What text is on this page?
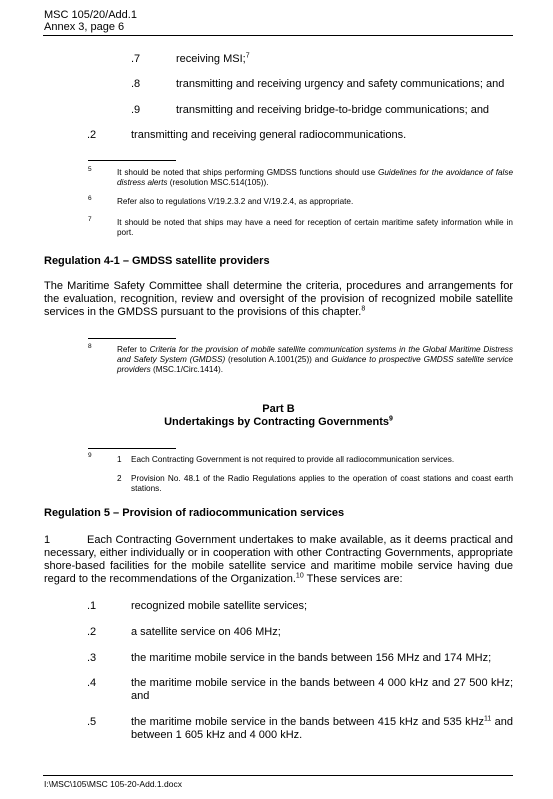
MSC 105/20/Add.1
Annex 3, page 6
.7	receiving MSI;$^7$
.8	transmitting and receiving urgency and safety communications; and
.9	transmitting and receiving bridge-to-bridge communications; and
.2	transmitting and receiving general radiocommunications.
5	It should be noted that ships performing GMDSS functions should use Guidelines for the avoidance of false distress alerts (resolution MSC.514(105)).
6	Refer also to regulations V/19.2.3.2 and V/19.2.4, as appropriate.
7	It should be noted that ships may have a need for reception of certain maritime safety information while in port.
Regulation 4-1 – GMDSS satellite providers
The Maritime Safety Committee shall determine the criteria, procedures and arrangements for the evaluation, recognition, review and oversight of the provision of recognized mobile satellite services in the GMDSS pursuant to the provisions of this chapter.$^8$
8	Refer to Criteria for the provision of mobile satellite communication systems in the Global Maritime Distress and Safety System (GMDSS) (resolution A.1001(25)) and Guidance to prospective GMDSS satellite service providers (MSC.1/Circ.1414).
Part B
Undertakings by Contracting Governments$^9$
9	1 Each Contracting Government is not required to provide all radiocommunication services.
2 Provision No. 48.1 of the Radio Regulations applies to the operation of coast stations and coast earth stations.
Regulation 5 – Provision of radiocommunication services
1	Each Contracting Government undertakes to make available, as it deems practical and necessary, either individually or in cooperation with other Contracting Governments, appropriate shore-based facilities for the mobile satellite service and maritime mobile service having due regard to the recommendations of the Organization.$^{10}$ These services are:
.1	recognized mobile satellite services;
.2	a satellite service on 406 MHz;
.3	the maritime mobile service in the bands between 156 MHz and 174 MHz;
.4	the maritime mobile service in the bands between 4 000 kHz and 27 500 kHz; and
.5	the maritime mobile service in the bands between 415 kHz and 535 kHz$^{11}$ and between 1 605 kHz and 4 000 kHz.
I:\MSC\105\MSC 105-20-Add.1.docx
